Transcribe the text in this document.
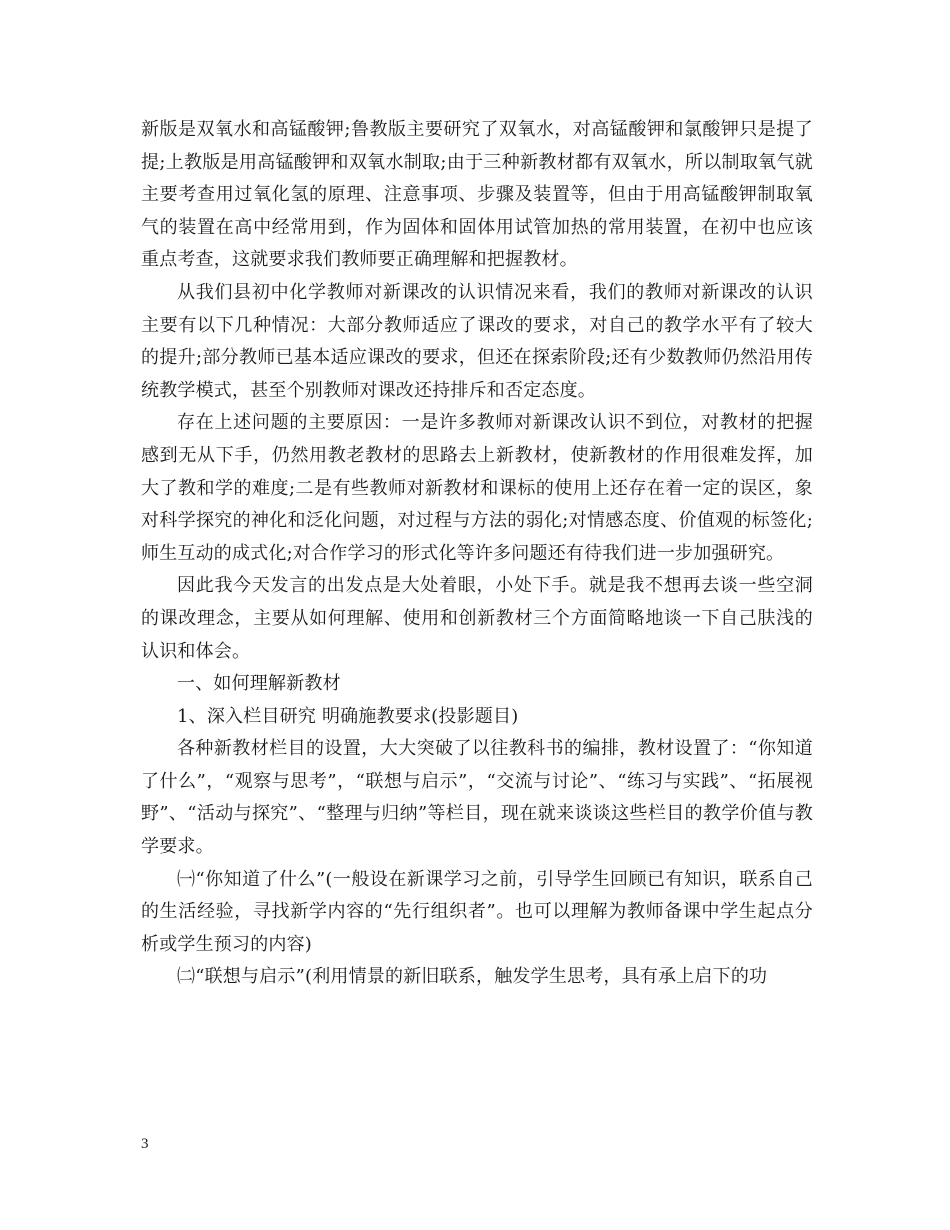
新版是双氧水和高锰酸钾;鲁教版主要研究了双氧水，对高锰酸钾和氯酸钾只是提了提;上教版是用高锰酸钾和双氧水制取;由于三种新教材都有双氧水，所以制取氧气就主要考查用过氧化氢的原理、注意事项、步骤及装置等，但由于用高锰酸钾制取氧气的装置在高中经常用到，作为固体和固体用试管加热的常用装置，在初中也应该重点考查，这就要求我们教师要正确理解和把握教材。

从我们县初中化学教师对新课改的认识情况来看，我们的教师对新课改的认识主要有以下几种情况：大部分教师适应了课改的要求，对自己的教学水平有了较大的提升;部分教师已基本适应课改的要求，但还在探索阶段;还有少数教师仍然沿用传统教学模式，甚至个别教师对课改还持排斥和否定态度。

存在上述问题的主要原因：一是许多教师对新课改认识不到位，对教材的把握感到无从下手，仍然用教老教材的思路去上新教材，使新教材的作用很难发挥，加大了教和学的难度;二是有些教师对新教材和课标的使用上还存在着一定的误区，象对科学探究的神化和泛化问题，对过程与方法的弱化;对情感态度、价值观的标签化;师生互动的成式化;对合作学习的形式化等许多问题还有待我们进一步加强研究。

因此我今天发言的出发点是大处着眼，小处下手。就是我不想再去谈一些空洞的课改理念，主要从如何理解、使用和创新教材三个方面简略地谈一下自己肤浅的认识和体会。

一、如何理解新教材

1、深入栏目研究 明确施教要求(投影题目)

各种新教材栏目的设置，大大突破了以往教科书的编排，教材设置了：“你知道了什么”，“观察与思考”，“联想与启示”，“交流与讨论”、“练习与实践”、“拓展视野”、“活动与探究”、“整理与归纳”等栏目，现在就来谈谈这些栏目的教学价值与教学要求。

㈠“你知道了什么”(一般设在新课学习之前，引导学生回顾已有知识，联系自己的生活经验，寻找新学内容的“先行组织者”。也可以理解为教师备课中学生起点分析或学生预习的内容)

㈡“联想与启示”(利用情景的新旧联系，触发学生思考，具有承上启下的功

3
